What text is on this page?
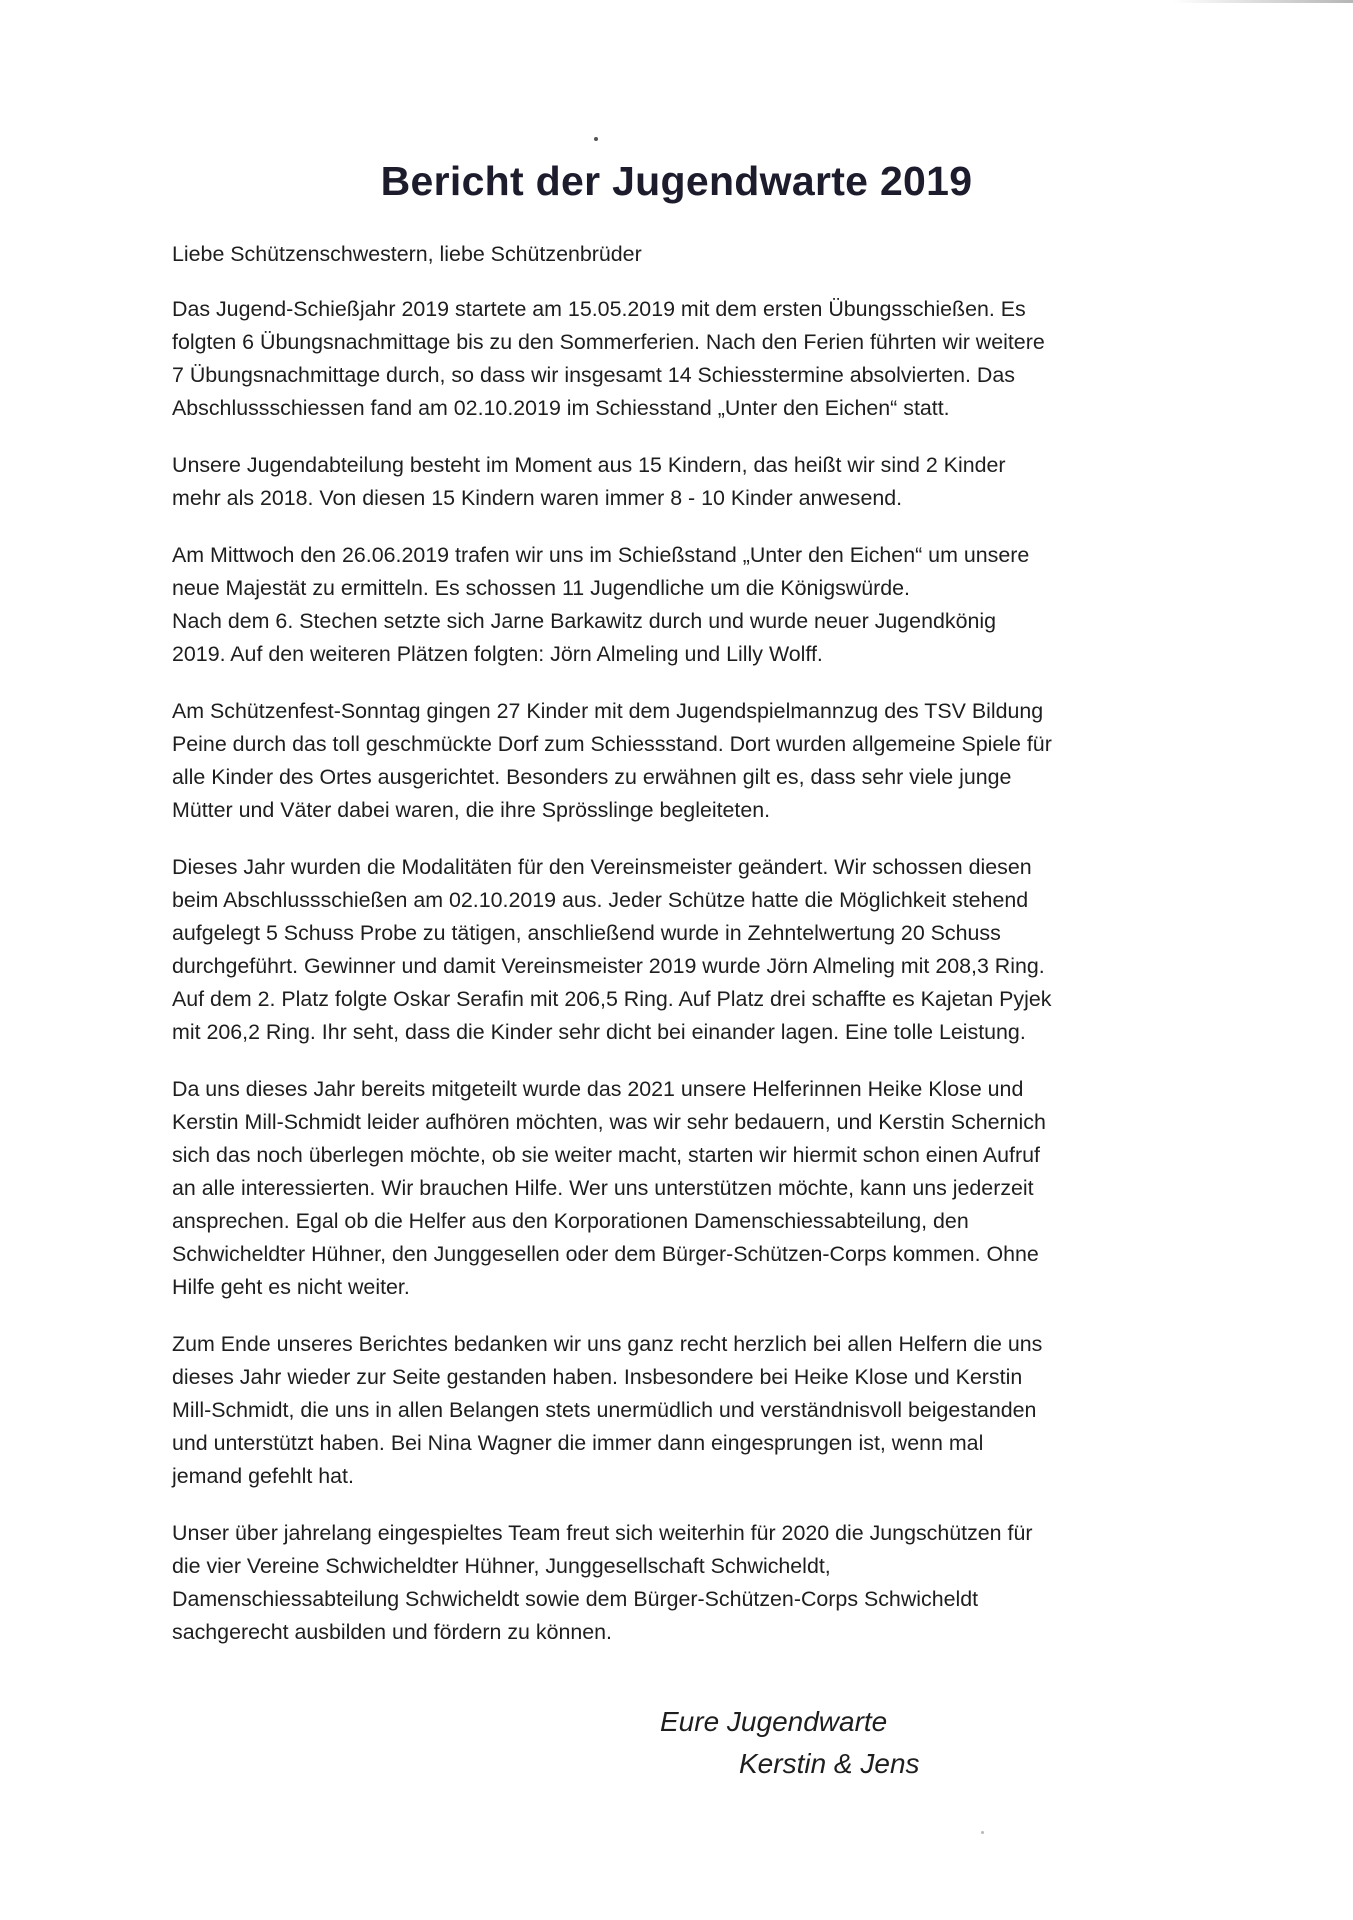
Bericht der Jugendwarte 2019

Liebe Schützenschwestern, liebe Schützenbrüder

Das Jugend-Schießjahr 2019 startete am 15.05.2019 mit dem ersten Übungsschießen. Es
folgten 6 Übungsnachmittage bis zu den Sommerferien. Nach den Ferien führten wir weitere
7 Übungsnachmittage durch, so dass wir insgesamt 14 Schiesstermine absolvierten. Das
Abschlussschiessen fand am 02.10.2019 im Schiesstand „Unter den Eichen“ statt.

Unsere Jugendabteilung besteht im Moment aus 15 Kindern, das heißt wir sind 2 Kinder
mehr als 2018. Von diesen 15 Kindern waren immer 8 - 10 Kinder anwesend.

Am Mittwoch den 26.06.2019 trafen wir uns im Schießstand „Unter den Eichen“ um unsere
neue Majestät zu ermitteln. Es schossen 11 Jugendliche um die Königswürde.
Nach dem 6. Stechen setzte sich Jarne Barkawitz durch und wurde neuer Jugendkönig
2019. Auf den weiteren Plätzen folgten: Jörn Almeling und Lilly Wolff.

Am Schützenfest-Sonntag gingen 27 Kinder mit dem Jugendspielmannzug des TSV Bildung
Peine durch das toll geschmückte Dorf zum Schiessstand. Dort wurden allgemeine Spiele für
alle Kinder des Ortes ausgerichtet. Besonders zu erwähnen gilt es, dass sehr viele junge
Mütter und Väter dabei waren, die ihre Sprösslinge begleiteten.

Dieses Jahr wurden die Modalitäten für den Vereinsmeister geändert. Wir schossen diesen
beim Abschlussschießen am 02.10.2019 aus. Jeder Schütze hatte die Möglichkeit stehend
aufgelegt 5 Schuss Probe zu tätigen, anschließend wurde in Zehntelwertung 20 Schuss
durchgeführt. Gewinner und damit Vereinsmeister 2019 wurde Jörn Almeling mit 208,3 Ring.
Auf dem 2. Platz folgte Oskar Serafin mit 206,5 Ring. Auf Platz drei schaffte es Kajetan Pyjek
mit 206,2 Ring. Ihr seht, dass die Kinder sehr dicht bei einander lagen. Eine tolle Leistung.

Da uns dieses Jahr bereits mitgeteilt wurde das 2021 unsere Helferinnen Heike Klose und
Kerstin Mill-Schmidt leider aufhören möchten, was wir sehr bedauern, und Kerstin Schernich
sich das noch überlegen möchte, ob sie weiter macht, starten wir hiermit schon einen Aufruf
an alle interessierten. Wir brauchen Hilfe. Wer uns unterstützen möchte, kann uns jederzeit
ansprechen. Egal ob die Helfer aus den Korporationen Damenschiessabteilung, den
Schwicheldter Hühner, den Junggesellen oder dem Bürger-Schützen-Corps kommen. Ohne
Hilfe geht es nicht weiter.

Zum Ende unseres Berichtes bedanken wir uns ganz recht herzlich bei allen Helfern die uns
dieses Jahr wieder zur Seite gestanden haben. Insbesondere bei Heike Klose und Kerstin
Mill-Schmidt, die uns in allen Belangen stets unermüdlich und verständnisvoll beigestanden
und unterstützt haben. Bei Nina Wagner die immer dann eingesprungen ist, wenn mal
jemand gefehlt hat.

Unser über jahrelang eingespieltes Team freut sich weiterhin für 2020 die Jungschützen für
die vier Vereine Schwicheldter Hühner, Junggesellschaft Schwicheldt,
Damenschiessabteilung Schwicheldt sowie dem Bürger-Schützen-Corps Schwicheldt
sachgerecht ausbilden und fördern zu können.

Eure Jugendwarte
Kerstin & Jens
